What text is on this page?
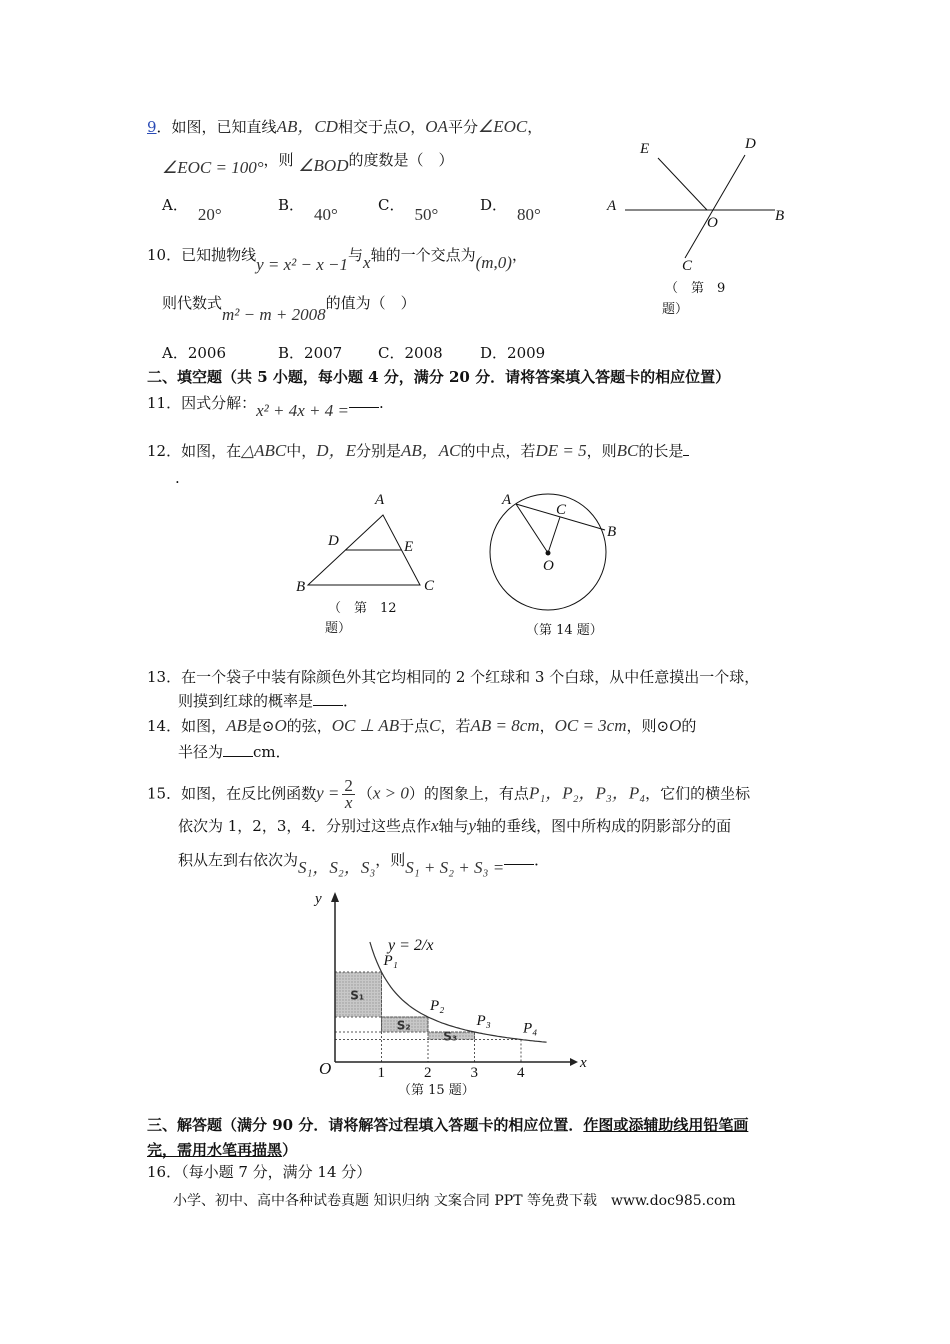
9．如图，已知直线AB，CD相交于点O，OA平分∠EOC，
∠EOC = 100°，则 ∠BOD的度数是（　）
A． 20°	B． 40°	C． 50°	D． 80°
E	D
A
O	B
C
（　第　9
题）
10．已知抛物线y = x² − x −1与x轴的一个交点为(m,0)，
则代数式m² − m + 2008的值为（　）
A．2006	B．2007 C．2008 D．2009
二、填空题（共 5 小题，每小题 4 分，满分 20 分．请将答案填入答题卡的相应位置）
11．因式分解：x² + 4x + 4 = .
12．如图，在△ABC中，D，E分别是AB，AC的中点，若DE = 5，则BC的长是
.
A
D	E
B	C
（　第　12
题）
A
C
B
O
（第 14 题）
13．在一个袋子中装有除颜色外其它均相同的 2 个红球和 3 个白球，从中任意摸出一个球，
则摸到红球的概率是 ．
14．如图，AB是⊙O的弦，OC ⊥ AB于点C，若AB = 8cm，OC = 3cm，则⊙O的
半径为 cm．
15．如图，在反比例函数$y = \frac{2}{x} (x > 0)$的图象上，有点P₁，P₂，P₃，P₄，它们的横坐标
依次为 1，2，3，4．分别过这些点作x轴与y轴的垂线，图中所构成的阴影部分的面
积从左到右依次为S₁，S₂，S₃，则S₁ + S₂ + S₃ = ．
S₁
S₂
S₃
P₁
P₂
P₃ P₄
x
y
O	1	2	3	4
y = 2/x
（第 15 题）
三、解答题（满分 90 分．请将解答过程填入答题卡的相应位置．作图或添辅助线用铅笔画
完，需用水笔再描黑）
16．（每小题 7 分，满分 14 分）
小学、初中、高中各种试卷真题 知识归纳 文案合同 PPT 等免费下载　www.doc985.com
